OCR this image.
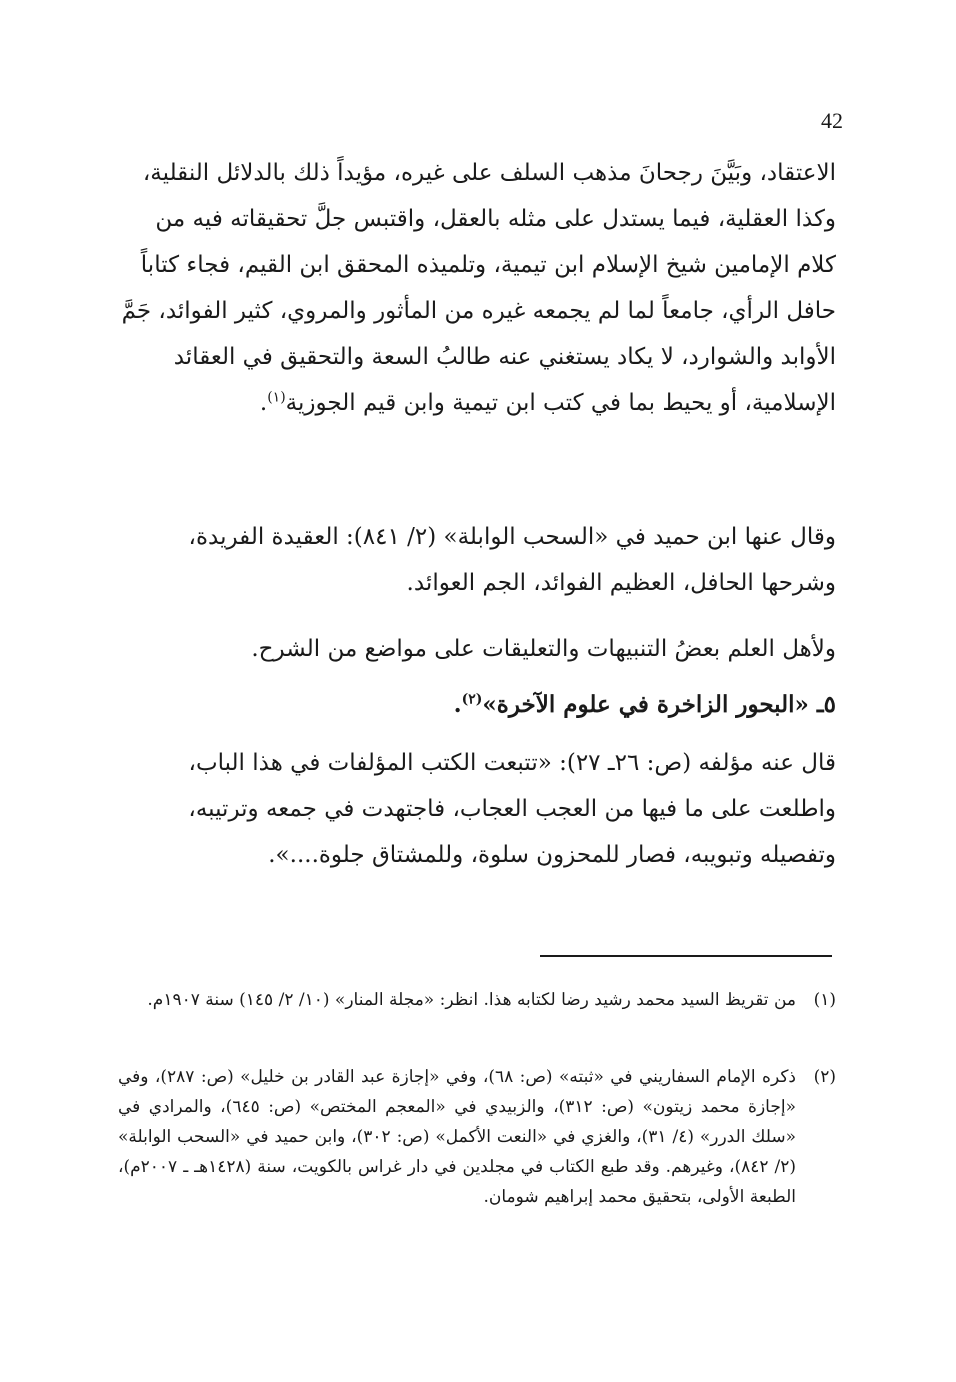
42

الاعتقاد، وبَيَّنَ رجحانَ مذهب السلف على غيره، مؤيداً ذلك بالدلائل النقلية، وكذا العقلية، فيما يستدل على مثله بالعقل، واقتبس جلَّ تحقيقاته فيه من كلام الإمامين شيخ الإسلام ابن تيمية، وتلميذه المحقق ابن القيم، فجاء كتاباً حافل الرأي، جامعاً لما لم يجمعه غيره من المأثور والمروي، كثير الفوائد، جَمَّ الأوابد والشوارد، لا يكاد يستغني عنه طالبُ السعة والتحقيق في العقائد الإسلامية، أو يحيط بما في كتب ابن تيمية وابن قيم الجوزية$^{(١)}$.

وقال عنها ابن حميد في «السحب الوابلة» (٢/ ٨٤١): العقيدة الفريدة، وشرحها الحافل، العظيم الفوائد، الجم العوائد.

ولأهل العلم بعضُ التنبيهات والتعليقات على مواضع من الشرح.

٥ـ «البحور الزاخرة في علوم الآخرة»$^{(٢)}$.

قال عنه مؤلفه (ص: ٢٦ـ ٢٧): «تتبعت الكتب المؤلفات في هذا الباب، واطلعت على ما فيها من العجب العجاب، فاجتهدت في جمعه وترتيبه، وتفصيله وتبويبه، فصار للمحزون سلوة، وللمشتاق جلوة....».

(١)
من تقريظ السيد محمد رشيد رضا لكتابه هذا. انظر: «مجلة المنار» (١٠/ ٢/ ١٤٥) سنة ١٩٠٧م.
(٢)
ذكره الإمام السفاريني في «ثبته» (ص: ٦٨)، وفي «إجازة عبد القادر بن خليل» (ص: ٢٨٧)، وفي «إجازة محمد زيتون» (ص: ٣١٢)، والزبيدي في «المعجم المختص» (ص: ٦٤٥)، والمرادي في «سلك الدرر» (٤/ ٣١)، والغزي في «النعت الأكمل» (ص: ٣٠٢)، وابن حميد في «السحب الوابلة» (٢/ ٨٤٢)، وغيرهم. وقد طبع الكتاب في مجلدين في دار غراس بالكويت، سنة (١٤٢٨هـ ـ ٢٠٠٧م)، الطبعة الأولى، بتحقيق محمد إبراهيم شومان.
